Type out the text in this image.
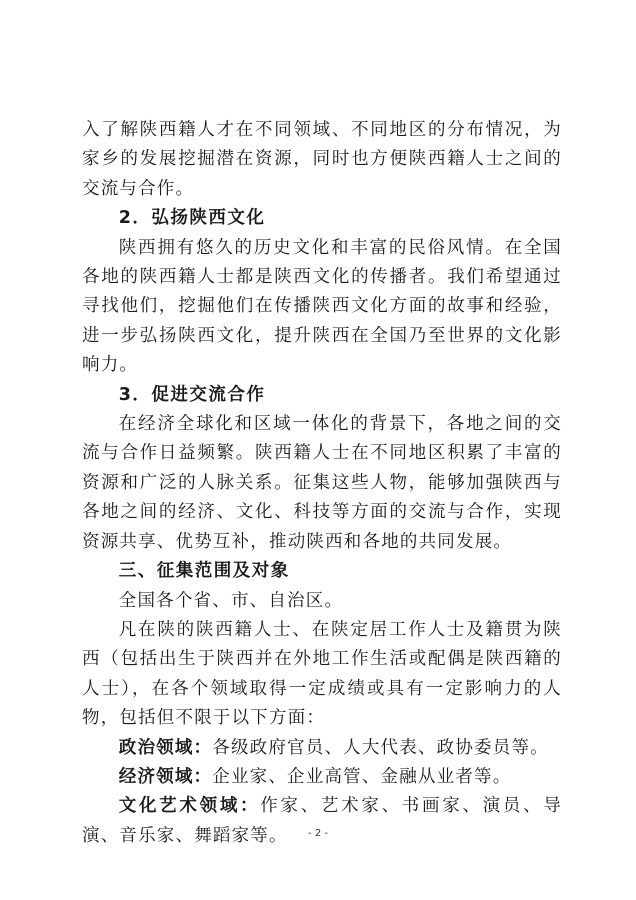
入了解陕西籍人才在不同领域、不同地区的分布情况，为家乡的发展挖掘潜在资源，同时也方便陕西籍人士之间的交流与合作。

2．弘扬陕西文化

陕西拥有悠久的历史文化和丰富的民俗风情。在全国各地的陕西籍人士都是陕西文化的传播者。我们希望通过寻找他们，挖掘他们在传播陕西文化方面的故事和经验，进一步弘扬陕西文化，提升陕西在全国乃至世界的文化影响力。

3．促进交流合作

在经济全球化和区域一体化的背景下，各地之间的交流与合作日益频繁。陕西籍人士在不同地区积累了丰富的资源和广泛的人脉关系。征集这些人物，能够加强陕西与各地之间的经济、文化、科技等方面的交流与合作，实现资源共享、优势互补，推动陕西和各地的共同发展。

三、征集范围及对象

全国各个省、市、自治区。

凡在陕的陕西籍人士、在陕定居工作人士及籍贯为陕西（包括出生于陕西并在外地工作生活或配偶是陕西籍的人士），在各个领域取得一定成绩或具有一定影响力的人物，包括但不限于以下方面：

政治领域：各级政府官员、人大代表、政协委员等。

经济领域：企业家、企业高管、金融从业者等。

文化艺术领域：作家、艺术家、书画家、演员、导演、音乐家、舞蹈家等。	- 2 -
